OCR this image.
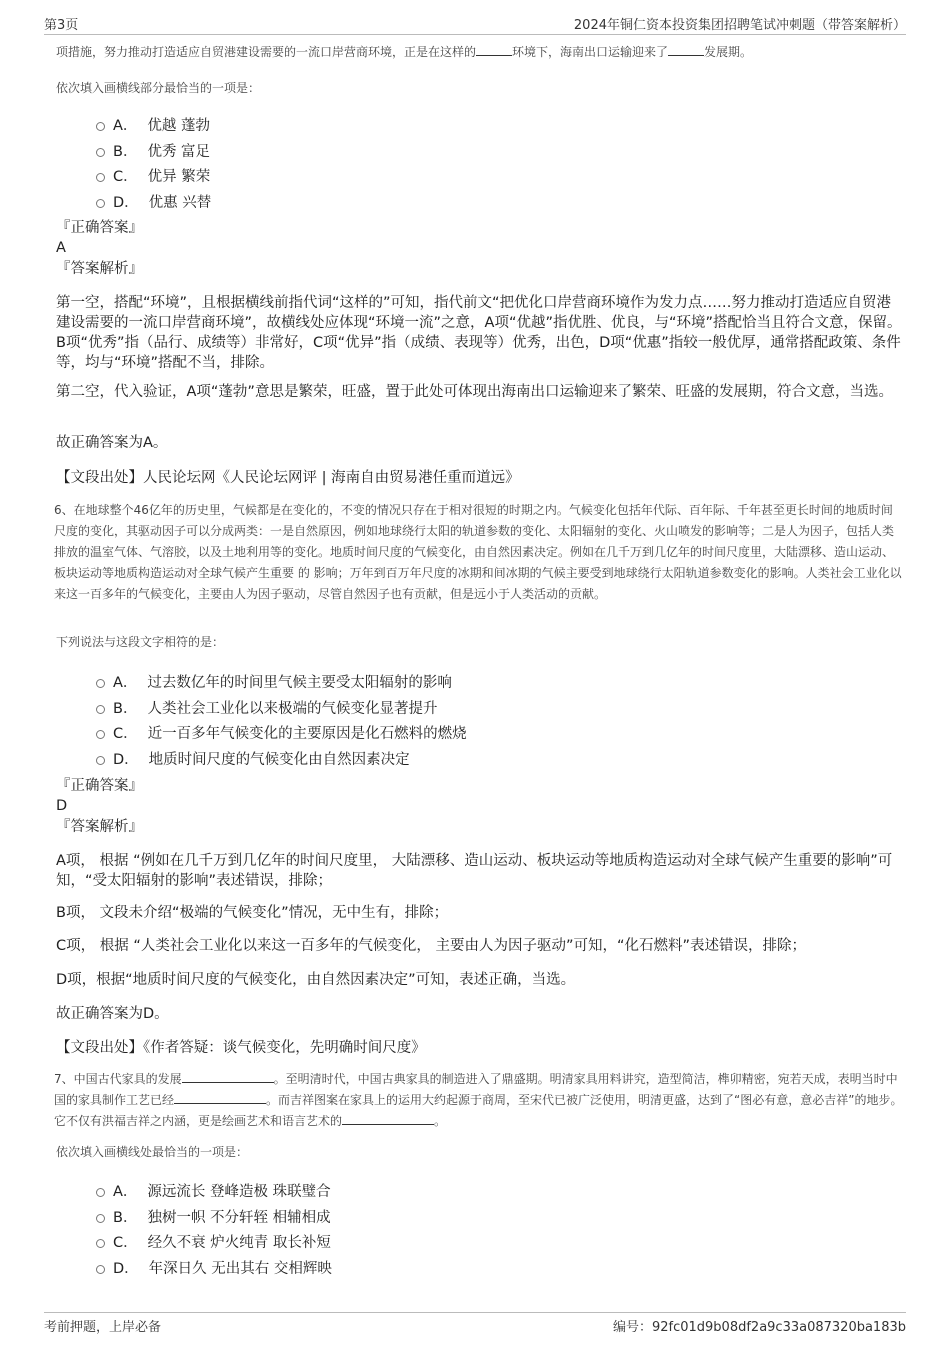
第3页	2024年铜仁资本投资集团招聘笔试冲刺题（带答案解析）

项措施，努力推动打造适应自贸港建设需要的一流口岸营商环境，正是在这样的	环境下，海南出口运输迎来了	发展期。

依次填入画横线部分最恰当的一项是：

A． 优越 蓬勃
B． 优秀 富足
C． 优异 繁荣
D． 优惠 兴替

『正确答案』

A

『答案解析』

第一空，搭配“环境”，且根据横线前指代词“这样的”可知，指代前文“把优化口岸营商环境作为发力点……努力推动打造适应自贸港建设需要的一流口岸营商环境”，故横线处应体现“环境一流”之意，A项“优越”指优胜、优良，与“环境”搭配恰当且符合文意，保留。B项“优秀”指（品行、成绩等）非常好，C项“优异”指（成绩、表现等）优秀，出色，D项“优惠”指较一般优厚，通常搭配政策、条件等，均与“环境”搭配不当，排除。

第二空，代入验证，A项“蓬勃”意思是繁荣，旺盛，置于此处可体现出海南出口运输迎来了繁荣、旺盛的发展期，符合文意，当选。

故正确答案为A。

【文段出处】人民论坛网《人民论坛网评 | 海南自由贸易港任重而道远》

6、在地球整个46亿年的历史里，气候都是在变化的，不变的情况只存在于相对很短的时期之内。气候变化包括年代际、百年际、千年甚至更长时间的地质时间尺度的变化，其驱动因子可以分成两类：一是自然原因，例如地球绕行太阳的轨道参数的变化、太阳辐射的变化、火山喷发的影响等；二是人为因子，包括人类排放的温室气体、气溶胶，以及土地利用等的变化。地质时间尺度的气候变化，由自然因素决定。例如在几千万到几亿年的时间尺度里，大陆漂移、造山运动、板块运动等地质构造运动对全球气候产生重要 的 影响；万年到百万年尺度的冰期和间冰期的气候主要受到地球绕行太阳轨道参数变化的影响。人类社会工业化以来这一百多年的气候变化，主要由人为因子驱动，尽管自然因子也有贡献，但是远小于人类活动的贡献。

下列说法与这段文字相符的是：

A． 过去数亿年的时间里气候主要受太阳辐射的影响
B． 人类社会工业化以来极端的气候变化显著提升
C． 近一百多年气候变化的主要原因是化石燃料的燃烧
D． 地质时间尺度的气候变化由自然因素决定

『正确答案』

D

『答案解析』

A项， 根据 “例如在几千万到几亿年的时间尺度里， 大陆漂移、造山运动、板块运动等地质构造运动对全球气候产生重要的影响”可知，“受太阳辐射的影响”表述错误，排除；

B项， 文段未介绍“极端的气候变化”情况，无中生有，排除；

C项， 根据 “人类社会工业化以来这一百多年的气候变化， 主要由人为因子驱动”可知，“化石燃料”表述错误，排除；

D项，根据“地质时间尺度的气候变化，由自然因素决定”可知，表述正确，当选。

故正确答案为D。

【文段出处】《作者答疑：谈气候变化，先明确时间尺度》

7、中国古代家具的发展	。至明清时代，中国古典家具的制造进入了鼎盛期。明清家具用料讲究，造型简洁，榫卯精密，宛若天成，表明当时中国的家具制作工艺已经	。而吉祥图案在家具上的运用大约起源于商周，至宋代已被广泛使用，明清更盛，达到了“图必有意，意必吉祥”的地步。它不仅有洪福吉祥之内涵，更是绘画艺术和语言艺术的	。

依次填入画横线处最恰当的一项是：

A． 源远流长 登峰造极 珠联璧合
B． 独树一帜 不分轩轾 相辅相成
C． 经久不衰 炉火纯青 取长补短
D． 年深日久 无出其右 交相辉映
考前押题，上岸必备	编号：92fc01d9b08df2a9c33a087320ba183b
